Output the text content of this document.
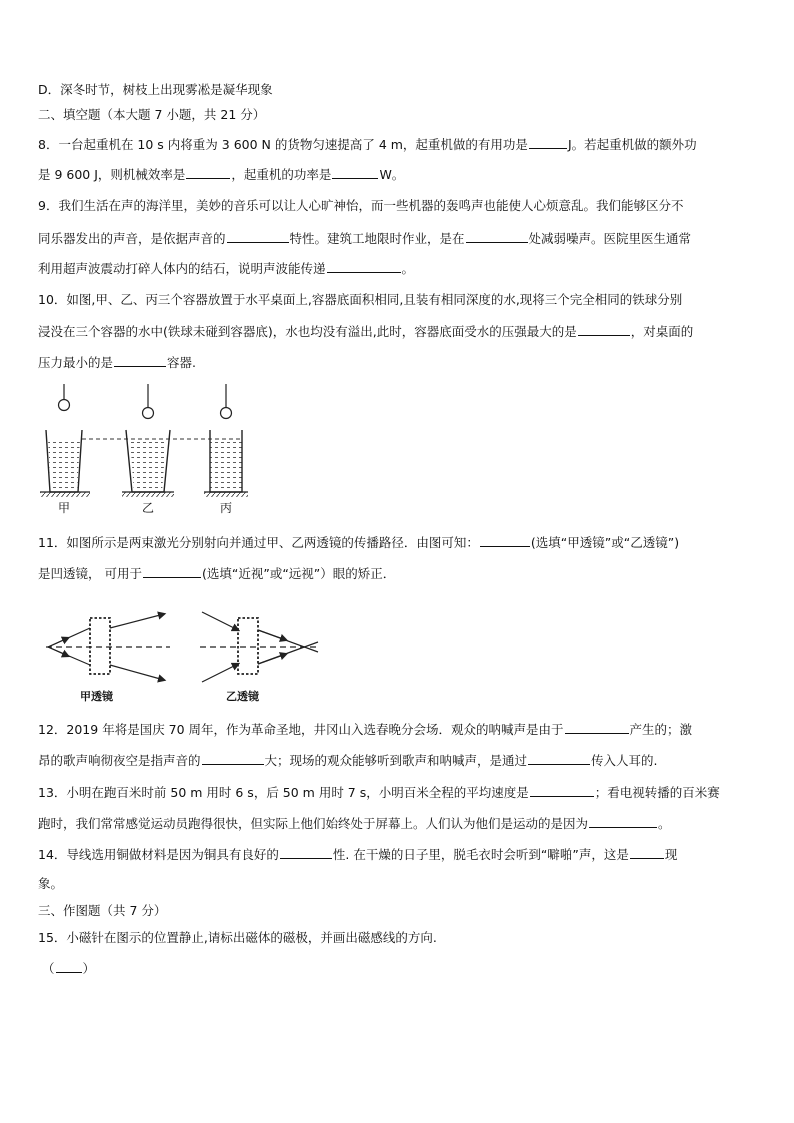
D．深冬时节，树枝上出现雾凇是凝华现象
二、填空题（本大题 7 小题，共 21 分）
8．一台起重机在 10 s 内将重为 3 600 N 的货物匀速提高了 4 m，起重机做的有用功是	J。若起重机做的额外功
是 9 600 J，则机械效率是	，起重机的功率是	W。
9．我们生活在声的海洋里，美妙的音乐可以让人心旷神怡，而一些机器的轰鸣声也能使人心烦意乱。我们能够区分不
同乐器发出的声音，是依据声音的	特性。建筑工地限时作业，是在	处减弱噪声。医院里医生通常
利用超声波震动打碎人体内的结石，说明声波能传递	。
10．如图,甲、乙、丙三个容器放置于水平桌面上,容器底面积相同,且装有相同深度的水,现将三个完全相同的铁球分别
浸没在三个容器的水中(铁球未碰到容器底)，水也均没有溢出,此时，容器底面受水的压强最大的是	，对桌面的
压力最小的是	容器.
甲	乙	丙
11．如图所示是两束激光分别射向并通过甲、乙两透镜的传播路径．由图可知：	(选填“甲透镜”或“乙透镜”)
是凹透镜， 可用于	(选填“近视”或“远视”）眼的矫正．
甲透镜	乙透镜
12．2019 年将是国庆 70 周年，作为革命圣地，井冈山入选春晚分会场．观众的呐喊声是由于	产生的；激
昂的歌声响彻夜空是指声音的	大；现场的观众能够听到歌声和呐喊声，是通过	传入人耳的.
13．小明在跑百米时前 50 m 用时 6 s，后 50 m 用时 7 s，小明百米全程的平均速度是	；看电视转播的百米赛
跑时，我们常常感觉运动员跑得很快，但实际上他们始终处于屏幕上。人们认为他们是运动的是因为	。
14．导线选用铜做材料是因为铜具有良好的	性. 在干燥的日子里，脱毛衣时会听到“噼啪”声，这是	现
象。
三、作图题（共 7 分）
15．小磁针在图示的位置静止,请标出磁体的磁极，并画出磁感线的方向.
（ ）
